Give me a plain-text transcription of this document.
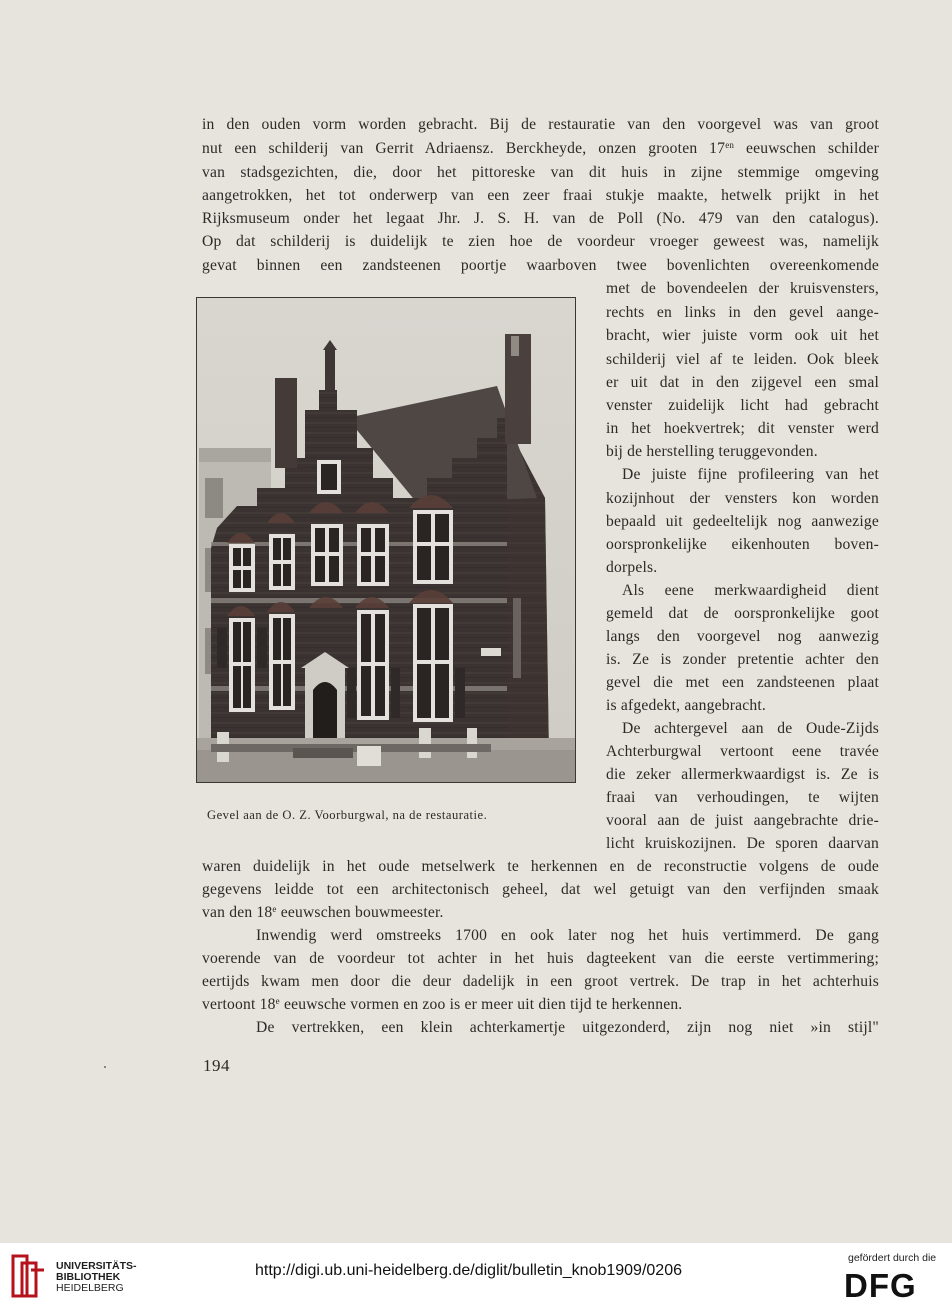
in den ouden vorm worden gebracht. Bij de restauratie van den voorgevel was van groot
nut een schilderij van Gerrit Adriaensz. Berckheyde, onzen grooten $17^{en}$ eeuwschen schilder
van stadsgezichten, die, door het pittoreske van dit huis in zijne stemmige omgeving
aangetrokken, het tot onderwerp van een zeer fraai stukje maakte, hetwelk prijkt in het
Rijksmuseum onder het legaat Jhr. J. S. H. van de Poll (No. 479 van den catalogus).
Op dat schilderij is duidelijk te zien hoe de voordeur vroeger geweest was, namelijk
gevat binnen een zandsteenen poortje waarboven twee bovenlichten overeenkomende
met de bovendeelen der kruisvensters,
rechts en links in den gevel aange-
bracht, wier juiste vorm ook uit het
schilderij viel af te leiden. Ook bleek
er uit dat in den zijgevel een smal
venster zuidelijk licht had gebracht
in het hoekvertrek; dit venster werd
bij de herstelling teruggevonden.
De juiste fijne profileering van het
kozijnhout der vensters kon worden
bepaald uit gedeeltelijk nog aanwezige
oorspronkelijke eikenhouten boven-
dorpels.
Als eene merkwaardigheid dient
gemeld dat de oorspronkelijke goot
langs den voorgevel nog aanwezig
is. Ze is zonder pretentie achter den
gevel die met een zandsteenen plaat
is afgedekt, aangebracht.
De achtergevel aan de Oude-Zijds
Achterburgwal vertoont eene travée
die zeker allermerkwaardigst is. Ze is
fraai van verhoudingen, te wijten
vooral aan de juist aangebrachte drie-
licht kruiskozijnen. De sporen daarvan
waren duidelijk in het oude metselwerk te herkennen en de reconstructie volgens de oude
gegevens leidde tot een architectonisch geheel, dat wel getuigt van den verfijnden smaak
van den 18e eeuwschen bouwmeester.
Inwendig werd omstreeks 1700 en ook later nog het huis vertimmerd. De gang
voerende van de voordeur tot achter in het huis dagteekent van die eerste vertimmering;
eertijds kwam men door die deur dadelijk in een groot vertrek. De trap in het achterhuis
vertoont 18e eeuwsche vormen en zoo is er meer uit dien tijd te herkennen.
De vertrekken, een klein achterkamertje uitgezonderd, zijn nog niet »in stijl"
Gevel aan de O. Z. Voorburgwal, na de restauratie.
194
UNIVERSITÄTS-
BIBLIOTHEK
HEIDELBERG
http://digi.ub.uni-heidelberg.de/diglit/bulletin_knob1909/0206
gefördert durch die
DFG
